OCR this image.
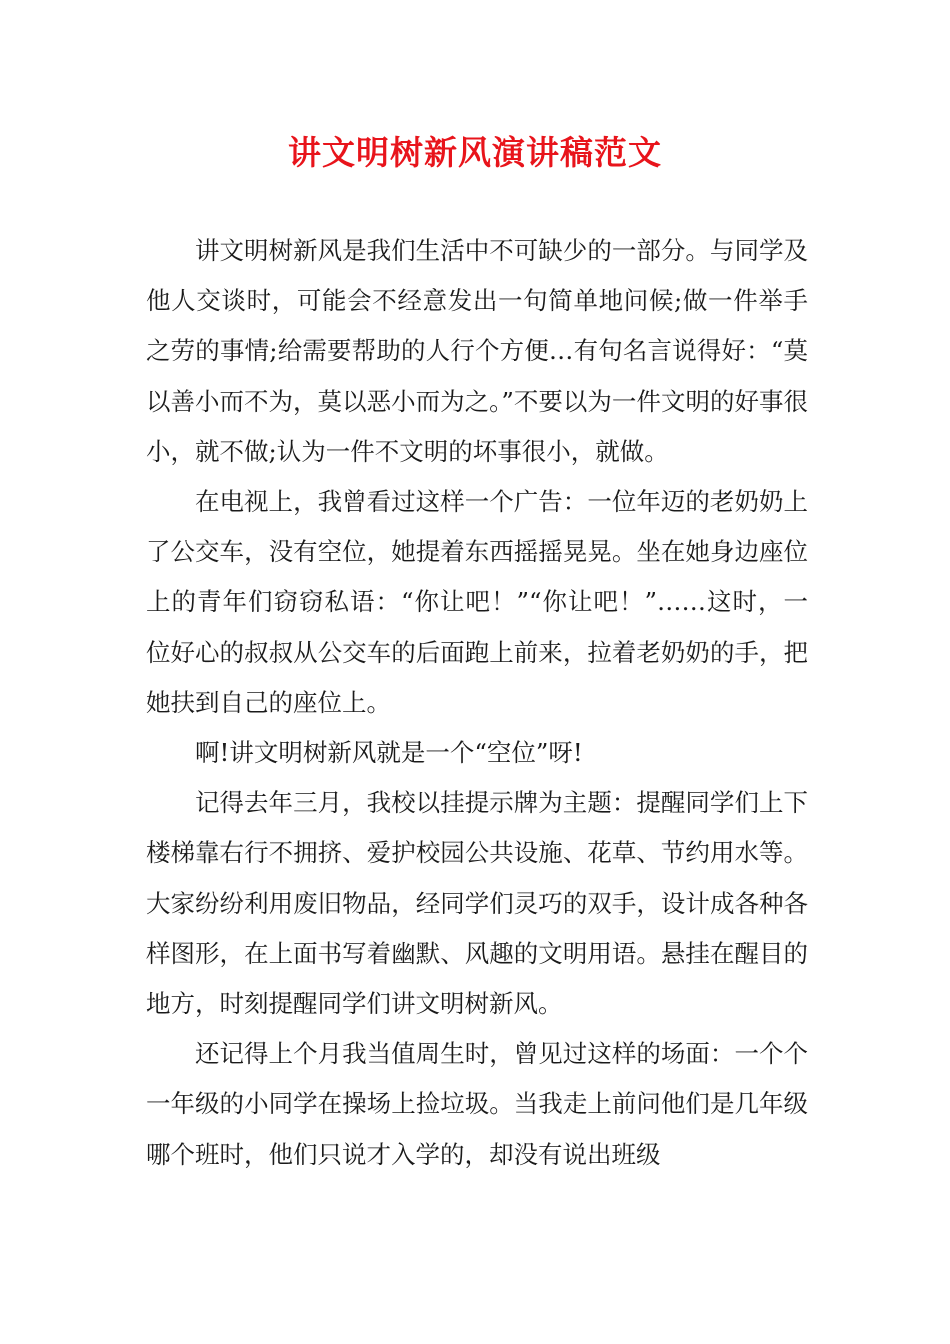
讲文明树新风演讲稿范文

讲文明树新风是我们生活中不可缺少的一部分。与同学及他人交谈时，可能会不经意发出一句简单地问候;做一件举手之劳的事情;给需要帮助的人行个方便…有句名言说得好：“莫以善小而不为，莫以恶小而为之。”不要以为一件文明的好事很小，就不做;认为一件不文明的坏事很小，就做。

在电视上，我曾看过这样一个广告：一位年迈的老奶奶上了公交车，没有空位，她提着东西摇摇晃晃。坐在她身边座位上的青年们窃窃私语：“你让吧！”“你让吧！”……这时，一位好心的叔叔从公交车的后面跑上前来，拉着老奶奶的手，把她扶到自己的座位上。

啊!讲文明树新风就是一个“空位”呀!

记得去年三月，我校以挂提示牌为主题：提醒同学们上下楼梯靠右行不拥挤、爱护校园公共设施、花草、节约用水等。大家纷纷利用废旧物品，经同学们灵巧的双手，设计成各种各样图形，在上面书写着幽默、风趣的文明用语。悬挂在醒目的地方，时刻提醒同学们讲文明树新风。

还记得上个月我当值周生时，曾见过这样的场面：一个个一年级的小同学在操场上捡垃圾。当我走上前问他们是几年级哪个班时，他们只说才入学的，却没有说出班级
